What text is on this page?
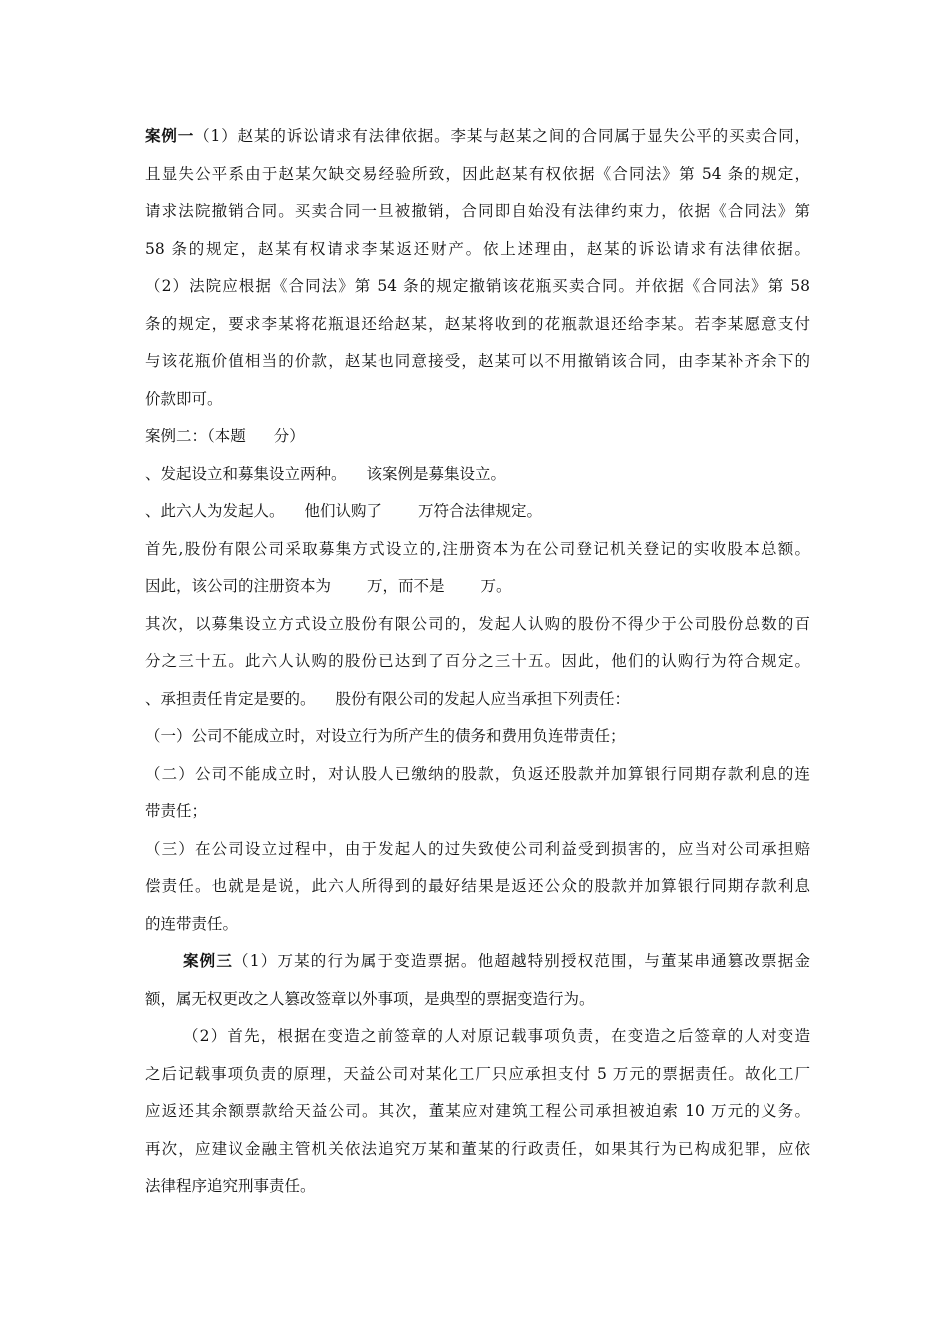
案例一（1）赵某的诉讼请求有法律依据。李某与赵某之间的合同属于显失公平的买卖合同，
且显失公平系由于赵某欠缺交易经验所致，因此赵某有权依据《合同法》第 54 条的规定，
请求法院撤销合同。买卖合同一旦被撤销，合同即自始没有法律约束力，依据《合同法》第
58 条的规定，赵某有权请求李某返还财产。依上述理由，赵某的诉讼请求有法律依据。
（2）法院应根据《合同法》第 54 条的规定撤销该花瓶买卖合同。并依据《合同法》第 58
条的规定，要求李某将花瓶退还给赵某，赵某将收到的花瓶款退还给李某。若李某愿意支付
与该花瓶价值相当的价款，赵某也同意接受，赵某可以不用撤销该合同，由李某补齐余下的
价款即可。
案例二：（本题 分）
、发起设立和募集设立两种。 该案例是募集设立。
、此六人为发起人。 他们认购了 万符合法律规定。
首先,股份有限公司采取募集方式设立的,注册资本为在公司登记机关登记的实收股本总额。
因此，该公司的注册资本为 万，而不是 万。
其次，以募集设立方式设立股份有限公司的，发起人认购的股份不得少于公司股份总数的百
分之三十五。此六人认购的股份已达到了百分之三十五。因此，他们的认购行为符合规定。
、承担责任肯定是要的。 股份有限公司的发起人应当承担下列责任：
（一）公司不能成立时，对设立行为所产生的债务和费用负连带责任；
（二）公司不能成立时，对认股人已缴纳的股款，负返还股款并加算银行同期存款利息的连
带责任；
（三）在公司设立过程中，由于发起人的过失致使公司利益受到损害的，应当对公司承担赔
偿责任。也就是是说，此六人所得到的最好结果是返还公众的股款并加算银行同期存款利息
的连带责任。
案例三（1）万某的行为属于变造票据。他超越特别授权范围，与董某串通篡改票据金
额，属无权更改之人篡改签章以外事项，是典型的票据变造行为。
（2）首先，根据在变造之前签章的人对原记载事项负责，在变造之后签章的人对变造
之后记载事项负责的原理，天益公司对某化工厂只应承担支付 5 万元的票据责任。故化工厂
应返还其余额票款给天益公司。其次，董某应对建筑工程公司承担被迫索 10 万元的义务。
再次，应建议金融主管机关依法追究万某和董某的行政责任，如果其行为已构成犯罪，应依
法律程序追究刑事责任。
